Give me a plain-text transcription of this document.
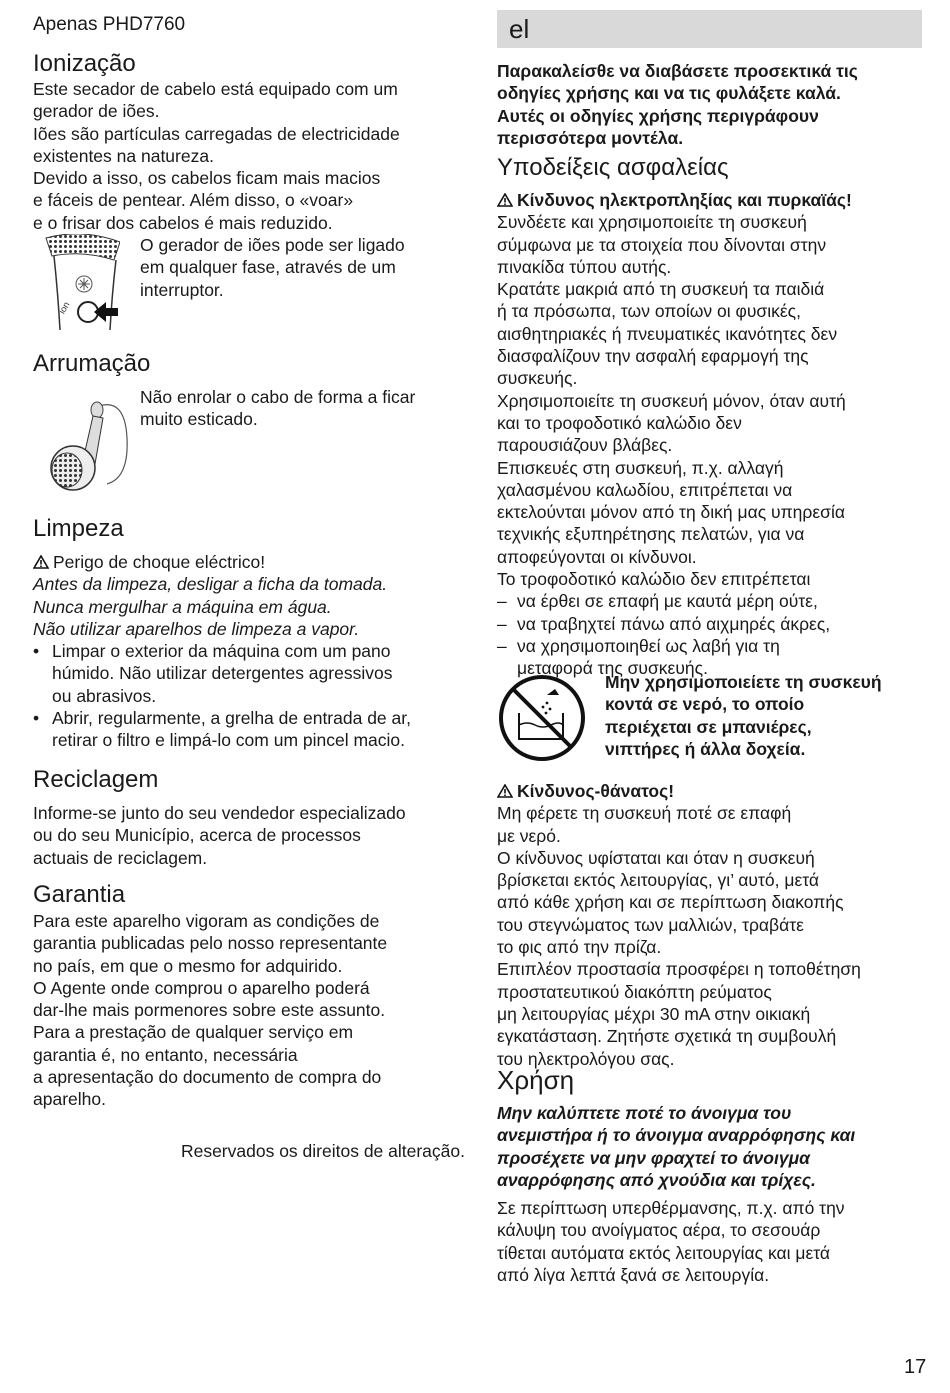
Apenas PHD7760

Ionização

Este secador de cabelo está equipado com um

gerador de iões.

Iões são partículas carregadas de electricidade

existentes na natureza.

Devido a isso, os cabelos ficam mais macios

e fáceis de pentear. Além disso, o «voar»

e o frisar dos cabelos é mais reduzido.

ion

O gerador de iões pode ser ligado

em qualquer fase, através de um

interruptor.

Arrumação

Não enrolar o cabo de forma a ficar

muito esticado.

Limpeza

Perigo de choque eléctrico!

Antes da limpeza, desligar a ficha da tomada.

Nunca mergulhar a máquina em água.

Não utilizar aparelhos de limpeza a vapor.

• Limpar o exterior da máquina com um pano

húmido. Não utilizar detergentes agressivos

ou abrasivos.

• Abrir, regularmente, a grelha de entrada de ar,

retirar o filtro e limpá-lo com um pincel macio.

Reciclagem

Informe-se junto do seu vendedor especializado

ou do seu Município, acerca de processos

actuais de reciclagem.

Garantia

Para este aparelho vigoram as condições de

garantia publicadas pelo nosso representante

no país, em que o mesmo for adquirido.

O Agente onde comprou o aparelho poderá

dar-lhe mais pormenores sobre este assunto.

Para a prestação de qualquer serviço em

garantia é, no entanto, necessária

a apresentação do documento de compra do

aparelho.

Reservados os direitos de alteração.

el

Παρακαλείσθε να διαβάσετε προσεκτικά τις

οδηγίες χρήσης και να τις φυλάξετε καλά.

Αυτές οι οδηγίες χρήσης περιγράφουν

περισσότερα μοντέλα.

Υποδείξεις ασφαλείας

Κίνδυνος ηλεκτροπληξίας και πυρκαϊάς!

Συνδέετε και χρησιμοποιείτε τη συσκευή

σύμφωνα με τα στοιχεία που δίνονται στην

πινακίδα τύπου αυτής.

Κρατάτε μακριά από τη συσκευή τα παιδιά

ή τα πρόσωπα, των οποίων οι φυσικές,

αισθητηριακές ή πνευματικές ικανότητες δεν

διασφαλίζουν την ασφαλή εφαρμογή της

συσκευής.

Χρησιμοποιείτε τη συσκευή μόνον, όταν αυτή

και το τροφοδοτικό καλώδιο δεν

παρουσιάζουν βλάβες.

Επισκευές στη συσκευή, π.χ. αλλαγή

χαλασμένου καλωδίου, επιτρέπεται να

εκτελούνται μόνον από τη δική μας υπηρεσία

τεχνικής εξυπηρέτησης πελατών, για να

αποφεύγονται οι κίνδυνοι.

Το τροφοδοτικό καλώδιο δεν επιτρέπεται

– να έρθει σε επαφή με καυτά μέρη ούτε,

– να τραβηχτεί πάνω από αιχμηρές άκρες,

– να χρησιμοποιηθεί ως λαβή για τη

μεταφορά της συσκευής.

Μην χρησιμοποιείετε τη συσκευή

κοντά σε νερό, το οποίο

περιέχεται σε μπανιέρες,

νιπτήρες ή άλλα δοχεία.

Κίνδυνος-θάνατος!

Μη φέρετε τη συσκευή ποτέ σε επαφή

με νερό.

Ο κίνδυνος υφίσταται και όταν η συσκευή

βρίσκεται εκτός λειτουργίας, γι’ αυτό, μετά

από κάθε χρήση και σε περίπτωση διακοπής

του στεγνώματος των μαλλιών, τραβάτε

το φις από την πρίζα.

Επιπλέον προστασία προσφέρει η τοποθέτηση

προστατευτικού διακόπτη ρεύματος

μη λειτουργίας μέχρι 30 mA στην οικιακή

εγκατάσταση. Ζητήστε σχετικά τη συμβουλή

του ηλεκτρολόγου σας.

Χρήση

Μην καλύπτετε ποτέ το άνοιγμα του

ανεμιστήρα ή το άνοιγμα αναρρόφησης και

προσέχετε να μην φραχτεί το άνοιγμα

αναρρόφησης από χνούδια και τρίχες.

Σε περίπτωση υπερθέρμανσης, π.χ. από την

κάλυψη του ανοίγματος αέρα, το σεσουάρ

τίθεται αυτόματα εκτός λειτουργίας και μετά

από λίγα λεπτά ξανά σε λειτουργία.

17
